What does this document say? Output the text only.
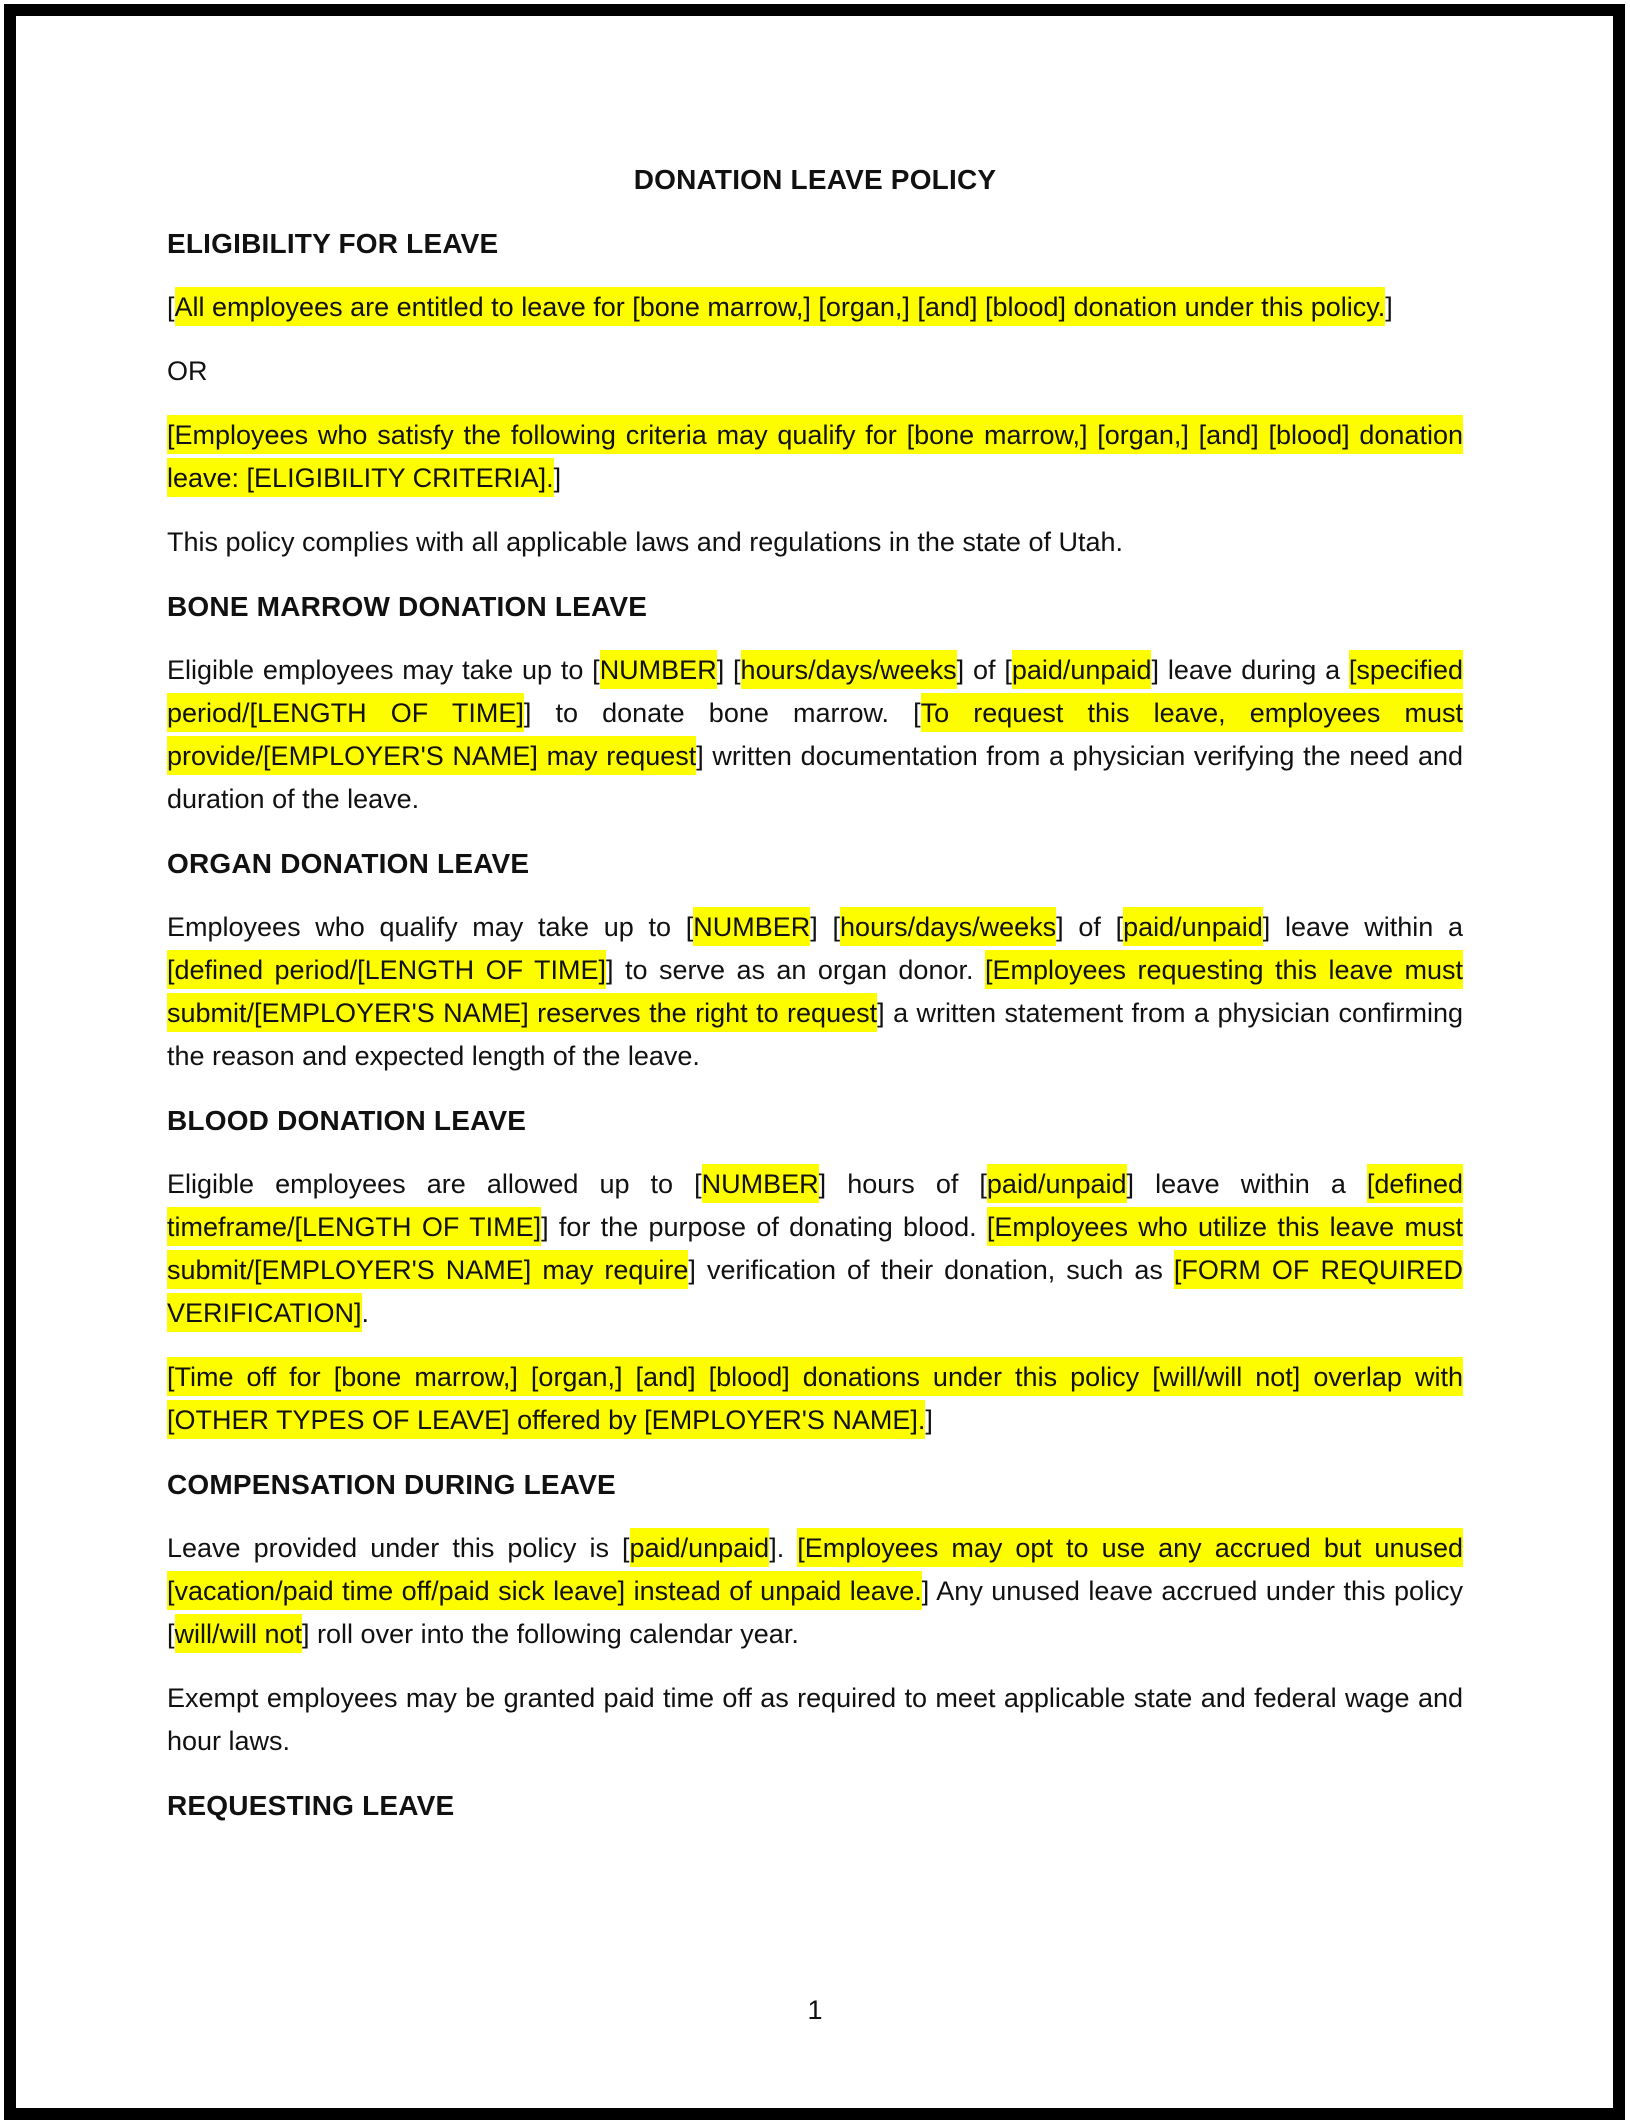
DONATION LEAVE POLICY
ELIGIBILITY FOR LEAVE

[All employees are entitled to leave for [bone marrow,] [organ,] [and] [blood] donation under this policy.]

OR

[Employees who satisfy the following criteria may qualify for [bone marrow,] [organ,] [and] [blood] donation leave: [ELIGIBILITY CRITERIA].]

This policy complies with all applicable laws and regulations in the state of Utah.

BONE MARROW DONATION LEAVE

Eligible employees may take up to [NUMBER] [hours/days/weeks] of [paid/unpaid] leave during a [specified period/[LENGTH OF TIME]] to donate bone marrow. [To request this leave, employees must provide/[EMPLOYER'S NAME] may request] written documentation from a physician verifying the need and duration of the leave.

ORGAN DONATION LEAVE

Employees who qualify may take up to [NUMBER] [hours/days/weeks] of [paid/unpaid] leave within a [defined period/[LENGTH OF TIME]] to serve as an organ donor. [Employees requesting this leave must submit/[EMPLOYER'S NAME] reserves the right to request] a written statement from a physician confirming the reason and expected length of the leave.

BLOOD DONATION LEAVE

Eligible employees are allowed up to [NUMBER] hours of [paid/unpaid] leave within a [defined timeframe/[LENGTH OF TIME]] for the purpose of donating blood. [Employees who utilize this leave must submit/[EMPLOYER'S NAME] may require] verification of their donation, such as [FORM OF REQUIRED VERIFICATION].

[Time off for [bone marrow,] [organ,] [and] [blood] donations under this policy [will/will not] overlap with [OTHER TYPES OF LEAVE] offered by [EMPLOYER'S NAME].]

COMPENSATION DURING LEAVE

Leave provided under this policy is [paid/unpaid]. [Employees may opt to use any accrued but unused [vacation/paid time off/paid sick leave] instead of unpaid leave.] Any unused leave accrued under this policy [will/will not] roll over into the following calendar year.

Exempt employees may be granted paid time off as required to meet applicable state and federal wage and hour laws.

REQUESTING LEAVE
1
